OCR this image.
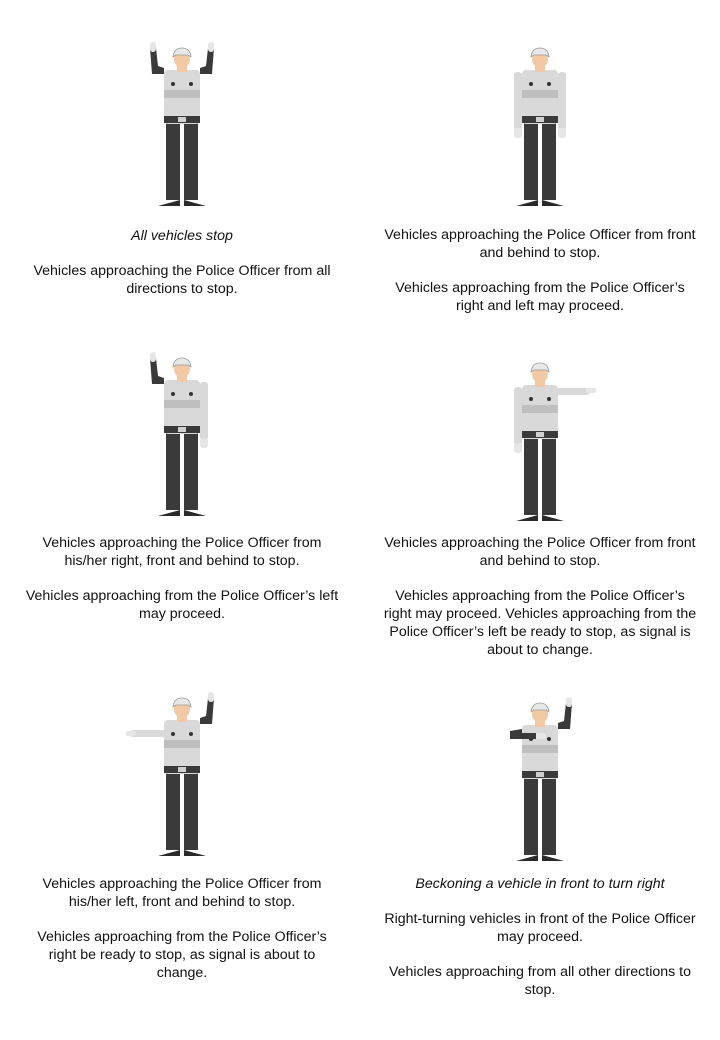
All vehicles stop

Vehicles approaching the Police Officer from all directions to stop.

Vehicles approaching the Police Officer from front and behind to stop.

Vehicles approaching from the Police Officer’s right and left may proceed.

Vehicles approaching the Police Officer from his/her right, front and behind to stop.

Vehicles approaching from the Police Officer’s left may proceed.

Vehicles approaching the Police Officer from front and behind to stop.

Vehicles approaching from the Police Officer’s right may proceed. Vehicles approaching from the Police Officer’s left be ready to stop, as signal is about to change.

Vehicles approaching the Police Officer from his/her left, front and behind to stop.

Vehicles approaching from the Police Officer’s right be ready to stop, as signal is about to change.

Beckoning a vehicle in front to turn right

Right-turning vehicles in front of the Police Officer may proceed.

Vehicles approaching from all other directions to stop.
